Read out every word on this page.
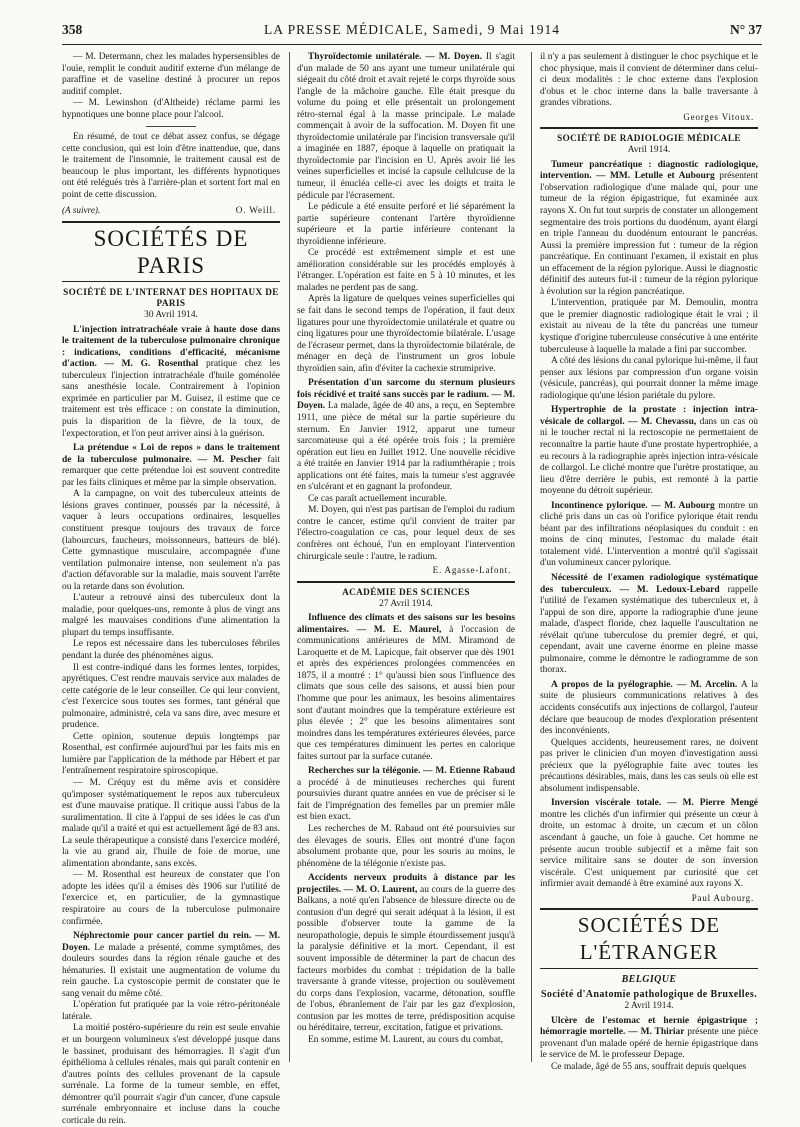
358	LA PRESSE MÉDICALE, Samedi, 9 Mai 1914	N° 37

— M. Determann, chez les malades hypersensibles de l'ouïe, remplit le conduit auditif externe d'un mélange de paraffine et de vaseline destiné à procurer un repos auditif complet.

— M. Lewinshon (d'Altheide) réclame parmi les hypnotiques une bonne place pour l'alcool.

En résumé, de tout ce débat assez confus, se dégage cette conclusion, qui est loin d'être inattendue, que, dans le traitement de l'insomnie, le traitement causal est de beaucoup le plus important, les différents hypnotiques ont été relégués très à l'arrière-plan et sortent fort mal en point de cette discussion.

(A suivre).	O. Weill.
SOCIÉTÉS DE PARIS
SOCIÉTÉ DE L'INTERNAT DES HOPITAUX DE PARIS
30 Avril 1914.

L'injection intratrachéale vraie à haute dose dans le traitement de la tuberculose pulmonaire chronique : indications, conditions d'efficacité, mécanisme d'action. — M. G. Rosenthal pratique chez les tuberculeux l'injection intratrachéale d'huile goménolée sans anesthésie locale. Contrairement à l'opinion exprimée en particulier par M. Guisez, il estime que ce traitement est très efficace : on constate la diminution, puis la disparition de la fièvre, de la toux, de l'expectoration, et l'on peut arriver ainsi à la guérison.

La prétendue « Loi de repos » dans le traitement de la tuberculose pulmonaire. — M. Pescher fait remarquer que cette prétendue loi est souvent contredite par les faits cliniques et même par la simple observation.

A la campagne, on voit des tuberculeux atteints de lésions graves continuer, poussés par la nécessité, à vaquer à leurs occupations ordinaires, lesquelles constituent presque toujours des travaux de force (labourcurs, faucheurs, moissonneurs, batteurs de blé). Cette gymnastique musculaire, accompagnée d'une ventilation pulmonaire intense, non seulement n'a pas d'action défavorable sur la maladie, mais souvent l'arrête ou la retarde dans son évolution.

L'auteur a retrouvé ainsi des tuberculeux dont la maladie, pour quelques-uns, remonte à plus de vingt ans malgré les mauvaises conditions d'une alimentation la plupart du temps insuffisante.

Le repos est nécessaire dans les tuberculoses fébriles pendant la durée des phénomènes aigus.

Il est contre-indiqué dans les formes lentes, torpides, apyrétiques. C'est rendre mauvais service aux malades de cette catégorie de le leur conseiller. Ce qui leur convient, c'est l'exercice sous toutes ses formes, tant général que pulmonaire, administré, cela va sans dire, avec mesure et prudence.

Cette opinion, soutenue depuis longtemps par Rosenthal, est confirmée aujourd'hui par les faits mis en lumière par l'application de la méthode par Hébert et par l'entraînement respiratoire spiroscopique.

— M. Créquy est du même avis et considère qu'imposer systématiquement le repos aux tuberculeux est d'une mauvaise pratique. Il critique aussi l'abus de la suralimentation. Il cite à l'appui de ses idées le cas d'un malade qu'il a traité et qui est actuellement âgé de 83 ans. La seule thérapeutique a consisté dans l'exercice modéré, la vie au grand air, l'huile de foie de morue, une alimentation abondante, sans excès.

— M. Rosenthal est heureux de constater que l'on adopte les idées qu'il a émises dès 1906 sur l'utilité de l'exercice et, en particulier, de la gymnastique respiratoire au cours de la tuberculose pulmonaire confirmée.

Néphrectomie pour cancer partiel du rein. — M. Doyen. Le malade a présenté, comme symptômes, des douleurs sourdes dans la région rénale gauche et des hématuries. Il existait une augmentation de volume du rein gauche. La cystoscopie permit de constater que le sang venait du même côté.

L'opération fut pratiquée par la voie rétro-péritonéale latérale.

La moitié postéro-supérieure du rein est seule envahie et un bourgeon volumineux s'est développé jusque dans le bassinet, produisant des hémorragies. Il s'agit d'un épithélioma à cellules rénales, mais qui paraît contenir en d'autres points des cellules provenant de la capsule surrénale. La forme de la tumeur semble, en effet, démontrer qu'il pourrait s'agir d'un cancer, d'une capsule surrénale embryonnaire et incluse dans la couche corticale du rein.

Thyroïdectomie unilatérale. — M. Doyen. Il s'agit d'un malade de 50 ans ayant une tumeur unilatérale qui siégeait du côté droit et avait rejeté le corps thyroïde sous l'angle de la mâchoire gauche. Elle était presque du volume du poing et elle présentait un prolongement rétro-sternal égal à la masse principale. Le malade commençait à avoir de la suffocation. M. Doyen fit une thyroïdectomie unilatérale par l'incision transversale qu'il a imaginée en 1887, époque à laquelle on pratiquait la thyroïdectomie par l'incision en U. Après avoir lié les veines superficielles et incisé la capsule cellulcuse de la tumeur, il énucléa celle-ci avec les doigts et traita le pédicule par l'écrasement.

Le pédicule a été ensuite perforé et lié séparément la partie supérieure contenant l'artère thyroïdienne supérieure et la partie inférieure contenant la thyroïdienne inférieure.

Ce procédé est extrêmement simple et est une amélioration considérable sur les procédés employés à l'étranger. L'opération est faite en 5 à 10 minutes, et les malades ne perdent pas de sang.

Après la ligature de quelques veines superficielles qui se fait dans le second temps de l'opération, il faut deux ligatures pour une thyroïdectomie unilatérale et quatre ou cinq ligatures pour une thyroïdectomie bilatérale. L'usage de l'écraseur permet, dans la thyroïdectomie bilatérale, de ménager en deçà de l'instrument un gros lobule thyroïdien sain, afin d'éviter la cachexie strumiprive.

Présentation d'un sarcome du sternum plusieurs fois récidivé et traité sans succès par le radium. — M. Doyen. La malade, âgée de 40 ans, a reçu, en Septembre 1911, une pièce de métal sur la partie supérieure du sternum. En Janvier 1912, apparut une tumeur sarcomateuse qui a été opérée trois fois ; la première opération eut lieu en Juillet 1912. Une nouvelle récidive a été traitée en Janvier 1914 par la radiumthérapie ; trois applications ont été faites, mais la tumeur s'est aggravée en s'ulcérant et en gagnant la profondeur.

Ce cas paraît actuellement incurable.

M. Doyen, qui n'est pas partisan de l'emploi du radium contre le cancer, estime qu'il convient de traiter par l'électro-coagulation ce cas, pour lequel deux de ses confrères ont échoué, l'un en employant l'intervention chirurgicale seule : l'autre, le radium.

E. Agasse-Lafont.
ACADÉMIE DES SCIENCES
27 Avril 1914.

Influence des climats et des saisons sur les besoins alimentaires. — M. E. Maurel, à l'occasion de communications antérieures de MM. Miramond de Laroquette et de M. Lapicque, fait observer que dès 1901 et après des expériences prolongées commencées en 1875, il a montré : 1° qu'aussi bien sous l'influence des climats que sous celle des saisons, et aussi bien pour l'homme que pour les animaux, les besoins alimentaires sont d'autant moindres que la température extérieure est plus élevée ; 2° que les besoins alimentaires sont moindres dans les températures extérieures élevées, parce que ces températures diminuent les pertes en calorique faites surtout par la surface cutanée.

Recherches sur la télégonie. — M. Etienne Rabaud a procédé à de minutieuses recherches qui furent poursuivies durant quatre années en vue de préciser si le fait de l'imprégnation des femelles par un premier mâle est bien exact.

Les recherches de M. Rabaud ont été poursuivies sur des élevages de souris. Elles ont montré d'une façon absolument probante que, pour les souris au moins, le phénomène de la télégonie n'existe pas.

Accidents nerveux produits à distance par les projectiles. — M. O. Laurent, au cours de la guerre des Balkans, a noté qu'en l'absence de blessure directe ou de contusion d'un degré qui serait adéquat à la lésion, il est possible d'observer toute la gamme de la neuropathologie, depuis le simple étourdissement jusqu'à la paralysie définitive et la mort. Cependant, il est souvent impossible de déterminer la part de chacun des facteurs morbides du combat : trépidation de la balle traversante à grande vitesse, projection ou soulèvement du corps dans l'explosion, vacarme, détonation, souffle de l'obus, ébranlement de l'air par les gaz d'explosion, contusion par les mottes de terre, prédisposition acquise ou héréditaire, terreur, excitation, fatigue et privations.

En somme, estime M. Laurent, au cours du combat,

il n'y a pas seulement à distinguer le choc psychique et le choc physique, mais il convient de déterminer dans celui-ci deux modalités : le choc externe dans l'explosion d'obus et le choc interne dans la balle traversante à grandes vibrations.

Georges Vitoux.
SOCIÉTÉ DE RADIOLOGIE MÉDICALE
Avril 1914.

Tumeur pancréatique : diagnostic radiologique, intervention. — MM. Letulle et Aubourg présentent l'observation radiologique d'une malade qui, pour une tumeur de la région épigastrique, fut examinée aux rayons X. On fut tout surpris de constater un allongement segmentaire des trois portions du duodénum, ayant élargi en triple l'anneau du duodénum entourant le pancréas. Aussi la première impression fut : tumeur de la région pancréatique. En continuant l'examen, il existait en plus un effacement de la région pylorique. Aussi le diagnostic définitif des auteurs fut-il : tumeur de la région pylorique à évolution sur la région pancréatique.

L'intervention, pratiquée par M. Demoulin, montra que le premier diagnostic radiologique était le vrai ; il existait au niveau de la tête du pancréas une tumeur kystique d'origine tuberculeuse consécutive à une entérite tuberculeuse à laquelle la malade a fini par succomber.

A côté des lésions du canal pylorique lui-même, il faut penser aux lésions par compression d'un organe voisin (vésicule, pancréas), qui pourrait donner la même image radiologique qu'une lésion pariétale du pylore.

Hypertrophie de la prostate : injection intra-vésicale de collargol. — M. Chevassu, dans un cas où ni le toucher rectal ni la rectoscopie ne permettaient de reconnaître la partie haute d'une prostate hypertrophiée, a eu recours à la radiographie après injection intra-vésicale de collargol. Le cliché montre que l'urètre prostatique, au lieu d'être derrière le pubis, est remonté à la partie moyenne du détroit supérieur.

Incontinence pylorique. — M. Aubourg montre un cliché pris dans un cas où l'orifice pylorique était rendu béant par des infiltrations néoplasiques du conduit : en moins de cinq minutes, l'estomac du malade était totalement vidé. L'intervention a montré qu'il s'agissait d'un volumineux cancer pylorique.

Nécessité de l'examen radiologique systématique des tuberculeux. — M. Ledoux-Lebard rappelle l'utilité de l'examen systématique des tuberculeux et, à l'appui de son dire, apporte la radiographie d'une jeune malade, d'aspect floride, chez laquelle l'auscultation ne révélait qu'une tuberculose du premier degré, et qui, cependant, avait une caverne énorme en pleine masse pulmonaire, comme le démontre le radiogramme de son thorax.

A propos de la pyélographie. — M. Arcelin. A la suite de plusieurs communications relatives à des accidents consécutifs aux injections de collargol, l'auteur déclare que beaucoup de modes d'exploration présentent des inconvénients.

Quelques accidents, heureusement rares, ne doivent pas priver le clinicien d'un moyen d'investigation aussi précieux que la pyélographie faite avec toutes les précautions désirables, mais, dans les cas seuls où elle est absolument indispensable.

Inversion viscérale totale. — M. Pierre Mengé montre les clichés d'un infirmier qui présente un cœur à droite, un estomac à droite, un cæcum et un côlon ascendant à gauche, un foie à gauche. Cet homme ne présente aucun trouble subjectif et a même fait son service militaire sans se douter de son inversion viscérale. C'est uniquement par curiosité que cet infirmier avait demandé à être examiné aux rayons X.

Paul Aubourg.
SOCIÉTÉS DE L'ÉTRANGER
BELGIQUE
Société d'Anatomie pathologique de Bruxelles.
2 Avril 1914.

Ulcère de l'estomac et hernie épigastrique ; hémorragie mortelle. — M. Thiriar présente une pièce provenant d'un malade opéré de hernie épigastrique dans le service de M. le professeur Depage.

Ce malade, âgé de 55 ans, souffrait depuis quelques
